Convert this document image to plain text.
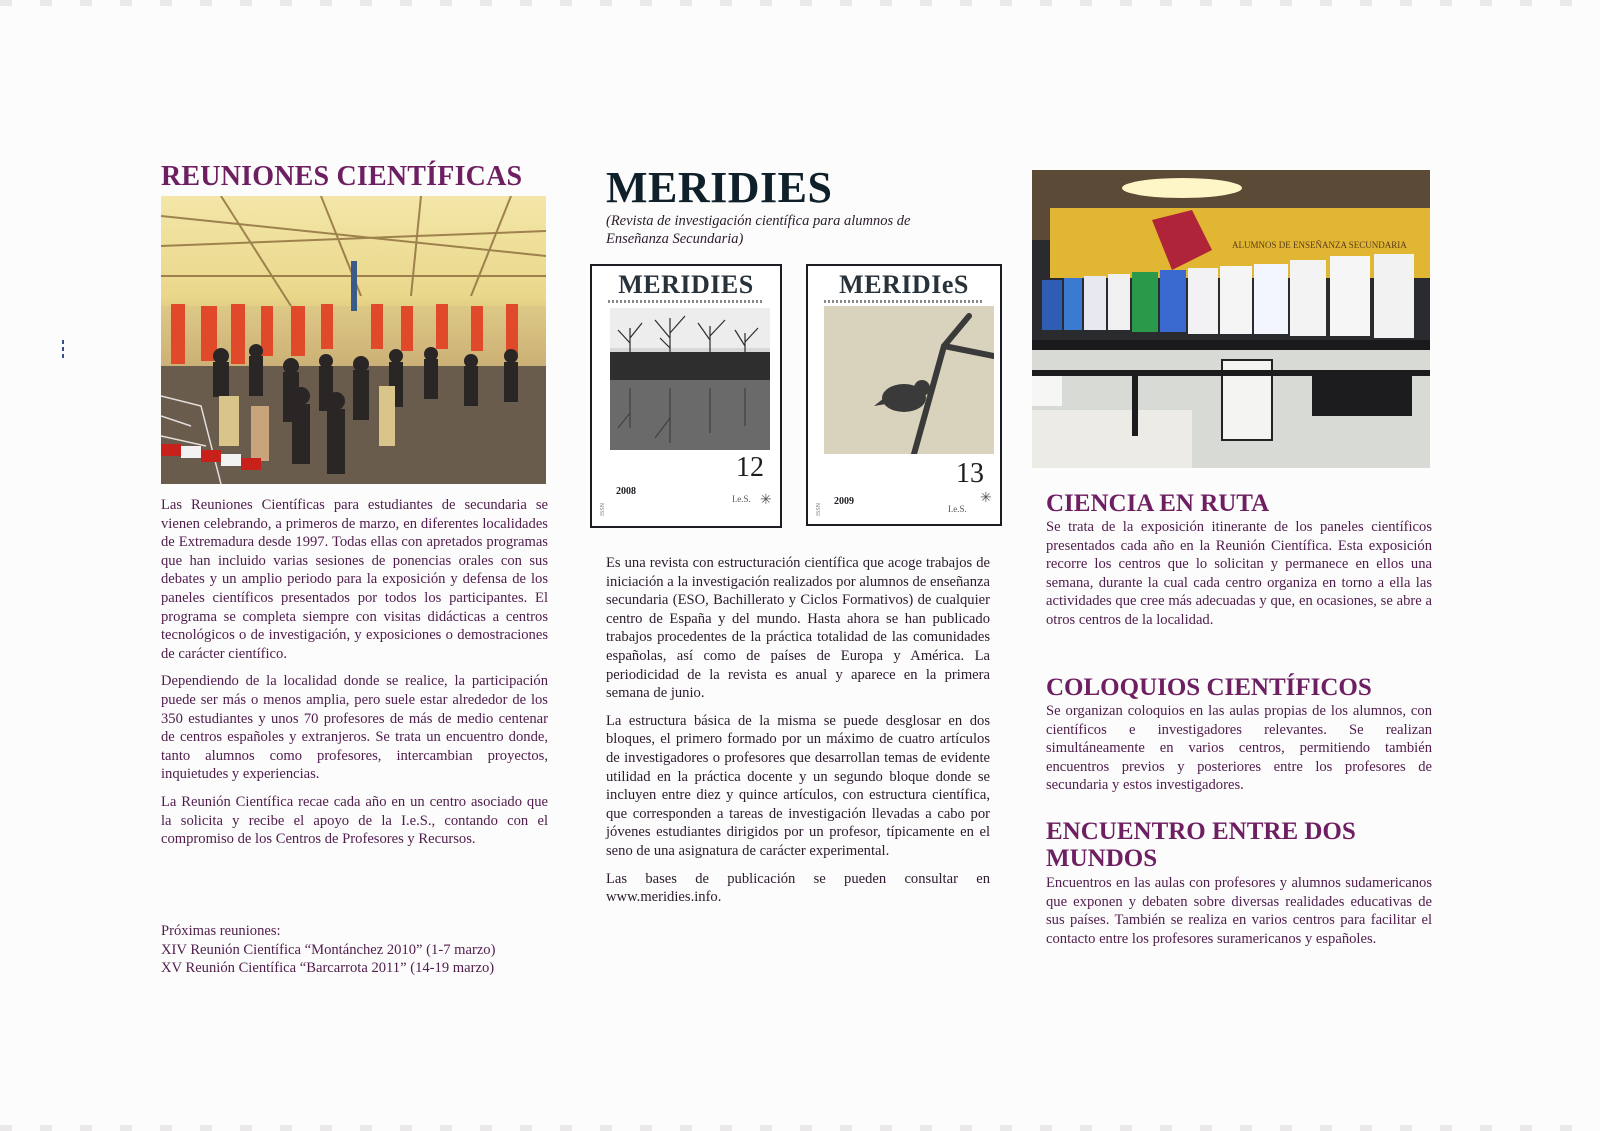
REUNIONES CIENTÍFICAS

Las Reuniones Científicas para estudiantes de secundaria se vienen celebrando, a primeros de marzo, en diferentes localidades de Extremadura desde 1997. Todas ellas con apretados programas que han incluido varias sesiones de ponencias orales con sus debates y un amplio periodo para la exposición y defensa de los paneles científicos presentados por todos los participantes. El programa se completa siempre con visitas didácticas a centros tecnológicos o de investigación, y exposiciones o demostraciones de carácter científico.

Dependiendo de la localidad donde se realice, la participación puede ser más o menos amplia, pero suele estar alrededor de los 350 estudiantes y unos 70 profesores de más de medio centenar de centros españoles y extranjeros. Se trata un encuentro donde, tanto alumnos como profesores, intercambian proyectos, inquietudes y experiencias.

La Reunión Científica recae cada año en un centro asociado que la solicita y recibe el apoyo de la I.e.S., contando con el compromiso de los Centros de Profesores y Recursos.

Próximas reuniones:
XIV Reunión Científica “Montánchez 2010” (1-7 marzo)
XV Reunión Científica “Barcarrota 2011” (14-19 marzo)
MERIDIES
(Revista de investigación científica para alumnos de Enseñanza Secundaria)
MERIDIES
ISSN
2008
12
I.e.S. ✳
MERIDIeS
ISSN
2009
13
I.e.S.
✳

Es una revista con estructuración científica que acoge trabajos de iniciación a la investigación realizados por alumnos de enseñanza secundaria (ESO, Bachillerato y Ciclos Formativos) de cualquier centro de España y del mundo. Hasta ahora se han publicado trabajos procedentes de la práctica totalidad de las comunidades españolas, así como de países de Europa y América. La periodicidad de la revista es anual y aparece en la primera semana de junio.

La estructura básica de la misma se puede desglosar en dos bloques, el primero formado por un máximo de cuatro artículos de investigadores o profesores que desarrollan temas de evidente utilidad en la práctica docente y un segundo bloque donde se incluyen entre diez y quince artículos, con estructura científica, que corresponden a tareas de investigación llevadas a cabo por jóvenes estudiantes dirigidos por un profesor, típicamente en el seno de una asignatura de carácter experimental.

Las bases de publicación se pueden consultar en www.meridies.info.

ALUMNOS DE ENSEÑANZA SECUNDARIA
CIENCIA EN RUTA
Se trata de la exposición itinerante de los paneles científicos presentados cada año en la Reunión Científica. Esta exposición recorre los centros que lo solicitan y permanece en ellos una semana, durante la cual cada centro organiza en torno a ella las actividades que cree más adecuadas y que, en ocasiones, se abre a otros centros de la localidad.
COLOQUIOS CIENTÍFICOS
Se organizan coloquios en las aulas propias de los alumnos, con científicos e investigadores relevantes. Se realizan simultáneamente en varios centros, permitiendo también encuentros previos y posteriores entre los profesores de secundaria y estos investigadores.
ENCUENTRO ENTRE DOS MUNDOS
Encuentros en las aulas con profesores y alumnos sudamericanos que exponen y debaten sobre diversas realidades educativas de sus países. También se realiza en varios centros para facilitar el contacto entre los profesores suramericanos y españoles.
